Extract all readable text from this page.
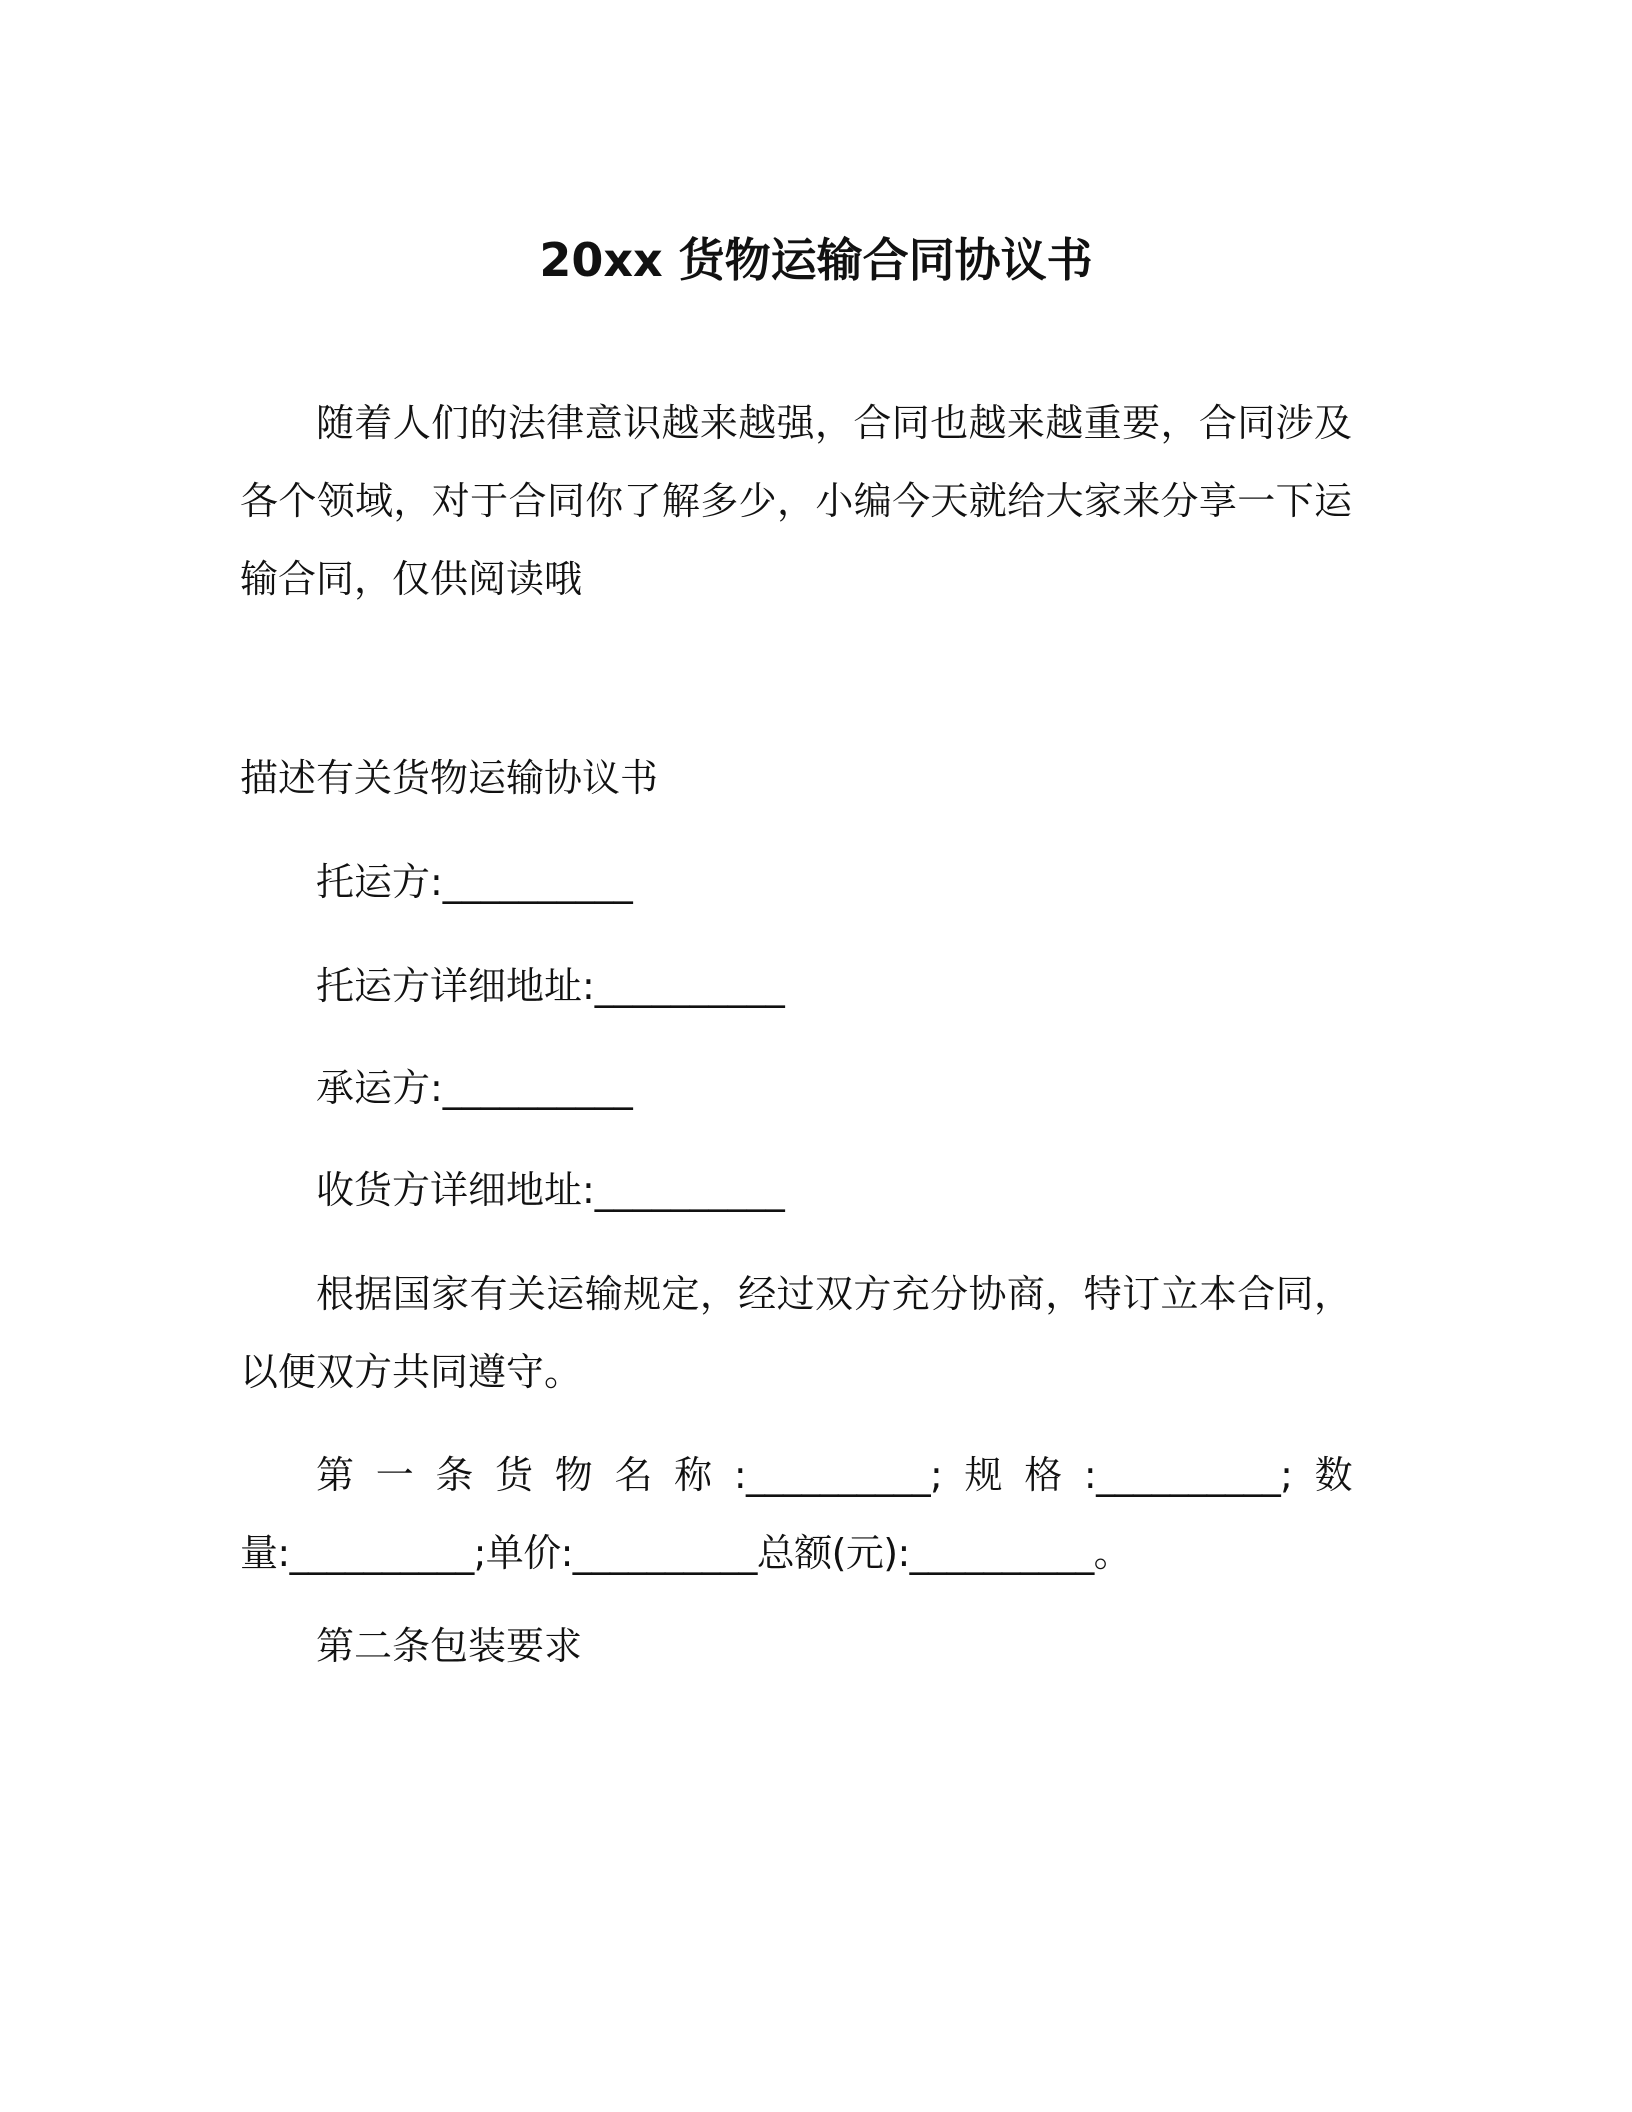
20xx 货物运输合同协议书
随着人们的法律意识越来越强，合同也越来越重要，合同涉及各个领域，对于合同你了解多少，小编今天就给大家来分享一下运输合同，仅供阅读哦
描述有关货物运输协议书
托运方:__________
托运方详细地址:__________
承运方:__________
收货方详细地址:__________
根据国家有关运输规定，经过双方充分协商，特订立本合同，以便双方共同遵守。
第一条货物名称:__________;规格:__________;数量:__________;单价:__________总额(元):__________。
第二条包装要求
